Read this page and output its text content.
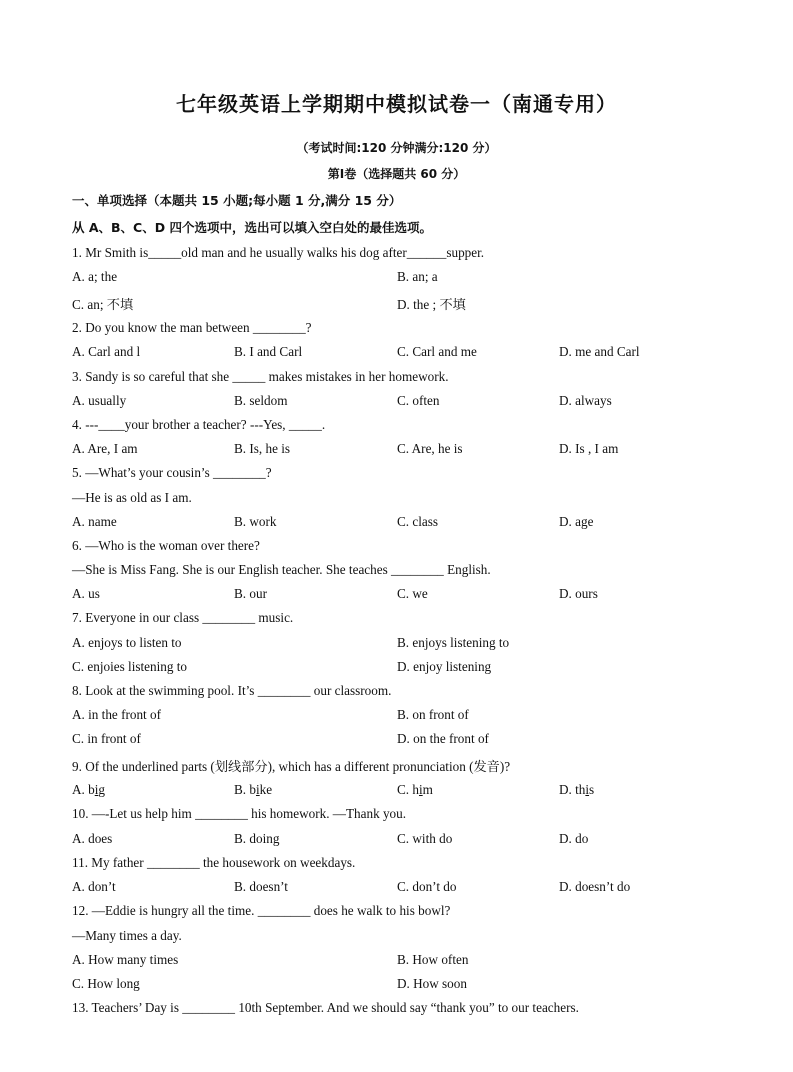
七年级英语上学期期中模拟试卷一（南通专用）
（考试时间:120 分钟满分:120 分）
第Ⅰ卷（选择题共 60 分）
一、单项选择（本题共 15 小题;每小题 1 分,满分 15 分）
从 A、B、C、D 四个选项中，选出可以填入空白处的最佳选项。
1. Mr Smith is_____old man and he usually walks his dog after______supper.
A. a; the	B. an; a
C. an; 不填	D. the ; 不填
2. Do you know the man between ________?
A. Carl and l	B. I and Carl	C. Carl and me	D. me and Carl
3. Sandy is so careful that she _____ makes mistakes in her homework.
A. usually	B. seldom	C. often	D. always
4. ---____your brother a teacher? ---Yes, _____.
A. Are, I am	B. Is, he is	C. Are, he is	D. Is , I am
5. —What’s your cousin’s ________?
—He is as old as I am.
A. name	B. work	C. class	D. age
6. —Who is the woman over there?
—She is Miss Fang. She is our English teacher. She teaches ________ English.
A. us	B. our	C. we	D. ours
7. Everyone in our class ________ music.
A. enjoys to listen to	B. enjoys listening to
C. enjoies listening to	D. enjoy listening
8. Look at the swimming pool. It’s ________ our classroom.
A. in the front of	B. on front of
C. in front of	D. on the front of
9. Of the underlined parts (划线部分), which has a different pronunciation (发音)?
A. big	B. bike	C. him	D. this
10. —-Let us help him ________ his homework. —Thank you.
A. does	B. doing	C. with do	D. do
11. My father ________ the housework on weekdays.
A. don’t	B. doesn’t	C. don’t do	D. doesn’t do
12. —Eddie is hungry all the time. ________ does he walk to his bowl?
—Many times a day.
A. How many times	B. How often
C. How long	D. How soon
13. Teachers’ Day is ________ 10th September. And we should say “thank you” to our teachers.
